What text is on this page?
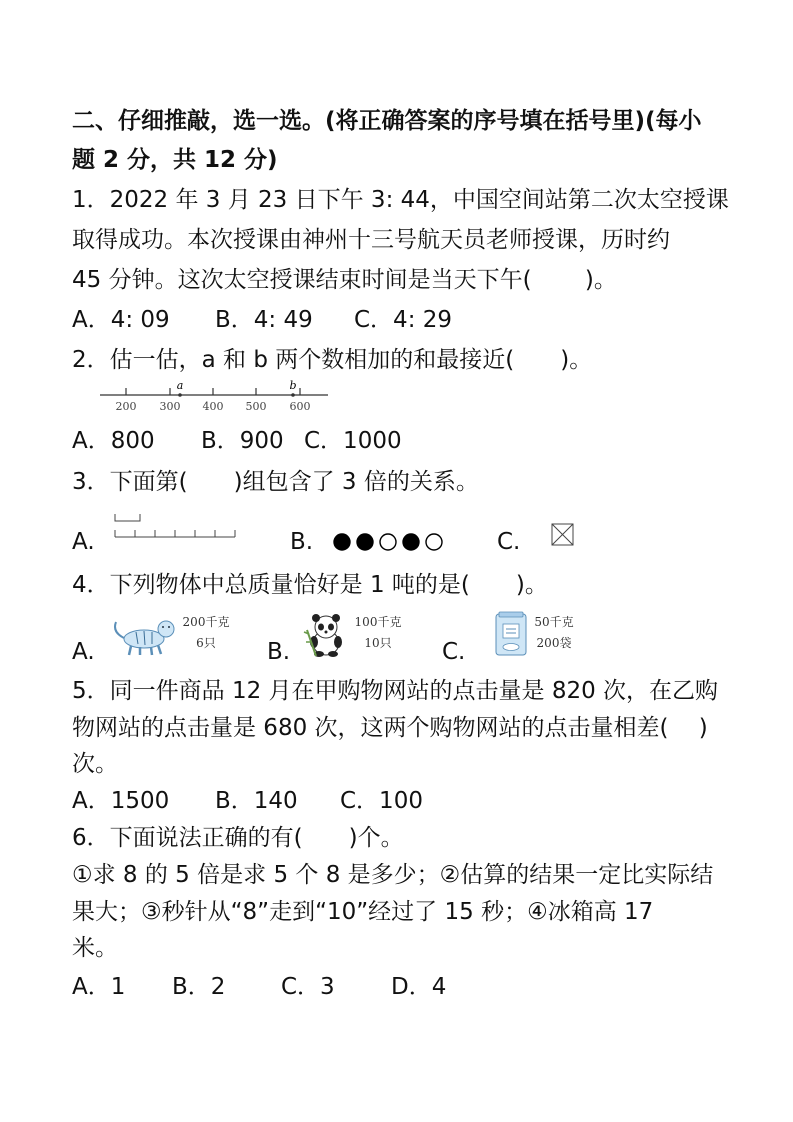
二、仔细推敲，选一选。(将正确答案的序号填在括号里)(每小
题 2 分，共 12 分)
1．2022 年 3 月 23 日下午 3: 44，中国空间站第二次太空授课
取得成功。本次授课由神州十三号航天员老师授课，历时约
45 分钟。这次太空授课结束时间是当天下午(　　 )。
A．4: 09 B．4: 49 C．4: 29
2．估一估，a 和 b 两个数相加的和最接近(　　)。
a	b
200 300 400 500 600
A．800 B．900 C．1000
3．下面第(　　)组包含了 3 倍的关系。
A.	B.	C.
4．下列物体中总质量恰好是 1 吨的是(　　)。
A.
200千克
6只 B.
100千克
10只 C.
50千克
200袋
5．同一件商品 12 月在甲购物网站的点击量是 820 次，在乙购
物网站的点击量是 680 次，这两个购物网站的点击量相差(　 )
次。
A．1500 B．140 C．100
6．下面说法正确的有(　　)个。
①求 8 的 5 倍是求 5 个 8 是多少；②估算的结果一定比实际结
果大；③秒针从“8”走到“10”经过了 15 秒；④冰箱高 17
米。
A．1 B．2 C．3 D．4
